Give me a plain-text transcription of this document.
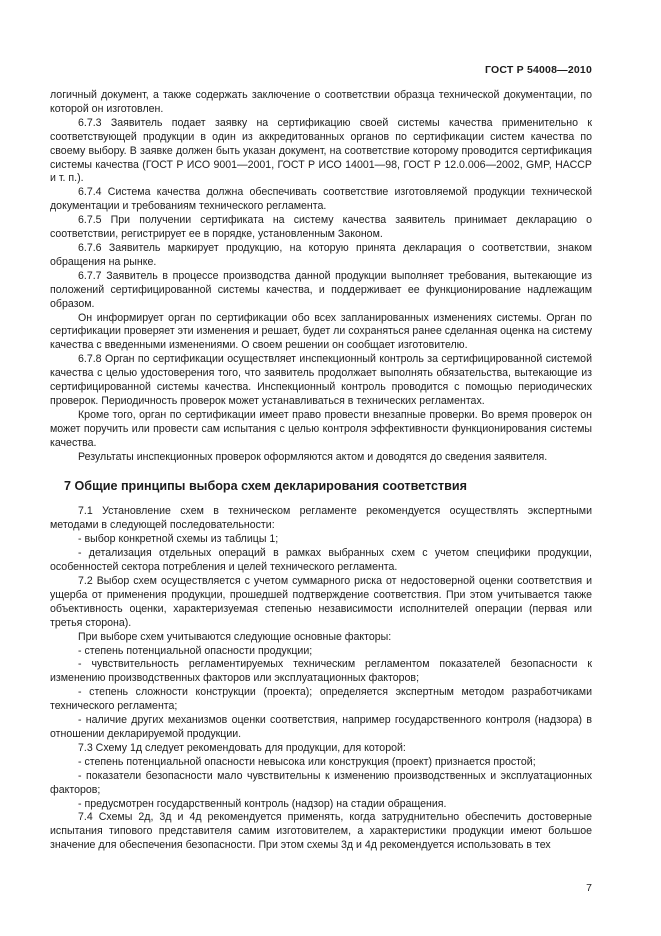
ГОСТ Р 54008—2010

логичный документ, а также содержать заключение о соответствии образца технической документации, по которой он изготовлен.

6.7.3 Заявитель подает заявку на сертификацию своей системы качества применительно к соответствующей продукции в один из аккредитованных органов по сертификации систем качества по своему выбору. В заявке должен быть указан документ, на соответствие которому проводится сертификация системы качества (ГОСТ Р ИСО 9001—2001, ГОСТ Р ИСО 14001—98, ГОСТ Р 12.0.006—2002, GMP, НАССР и т. п.).

6.7.4 Система качества должна обеспечивать соответствие изготовляемой продукции технической документации и требованиям технического регламента.

6.7.5 При получении сертификата на систему качества заявитель принимает декларацию о соответствии, регистрирует ее в порядке, установленным Законом.

6.7.6 Заявитель маркирует продукцию, на которую принята декларация о соответствии, знаком обращения на рынке.

6.7.7 Заявитель в процессе производства данной продукции выполняет требования, вытекающие из положений сертифицированной системы качества, и поддерживает ее функционирование надлежащим образом.

Он информирует орган по сертификации обо всех запланированных изменениях системы. Орган по сертификации проверяет эти изменения и решает, будет ли сохраняться ранее сделанная оценка на систему качества с введенными изменениями. О своем решении он сообщает изготовителю.

6.7.8 Орган по сертификации осуществляет инспекционный контроль за сертифицированной системой качества с целью удостоверения того, что заявитель продолжает выполнять обязательства, вытекающие из сертифицированной системы качества. Инспекционный контроль проводится с помощью периодических проверок. Периодичность проверок может устанавливаться в технических регламентах.

Кроме того, орган по сертификации имеет право провести внезапные проверки. Во время проверок он может поручить или провести сам испытания с целью контроля эффективности функционирования системы качества.

Результаты инспекционных проверок оформляются актом и доводятся до сведения заявителя.

7 Общие принципы выбора схем декларирования соответствия

7.1 Установление схем в техническом регламенте рекомендуется осуществлять экспертными методами в следующей последовательности:

- выбор конкретной схемы из таблицы 1;

- детализация отдельных операций в рамках выбранных схем с учетом специфики продукции, особенностей сектора потребления и целей технического регламента.

7.2 Выбор схем осуществляется с учетом суммарного риска от недостоверной оценки соответствия и ущерба от применения продукции, прошедшей подтверждение соответствия. При этом учитывается также объективность оценки, характеризуемая степенью независимости исполнителей операции (первая или третья сторона).

При выборе схем учитываются следующие основные факторы:

- степень потенциальной опасности продукции;

- чувствительность регламентируемых техническим регламентом показателей безопасности к изменению производственных факторов или эксплуатационных факторов;

- степень сложности конструкции (проекта); определяется экспертным методом разработчиками технического регламента;

- наличие других механизмов оценки соответствия, например государственного контроля (надзора) в отношении декларируемой продукции.

7.3 Схему 1д следует рекомендовать для продукции, для которой:

- степень потенциальной опасности невысока или конструкция (проект) признается простой;

- показатели безопасности мало чувствительны к изменению производственных и эксплуатационных факторов;

- предусмотрен государственный контроль (надзор) на стадии обращения.

7.4 Схемы 2д, 3д и 4д рекомендуется применять, когда затруднительно обеспечить достоверные испытания типового представителя самим изготовителем, а характеристики продукции имеют большое значение для обеспечения безопасности. При этом схемы 3д и 4д рекомендуется использовать в тех

7
